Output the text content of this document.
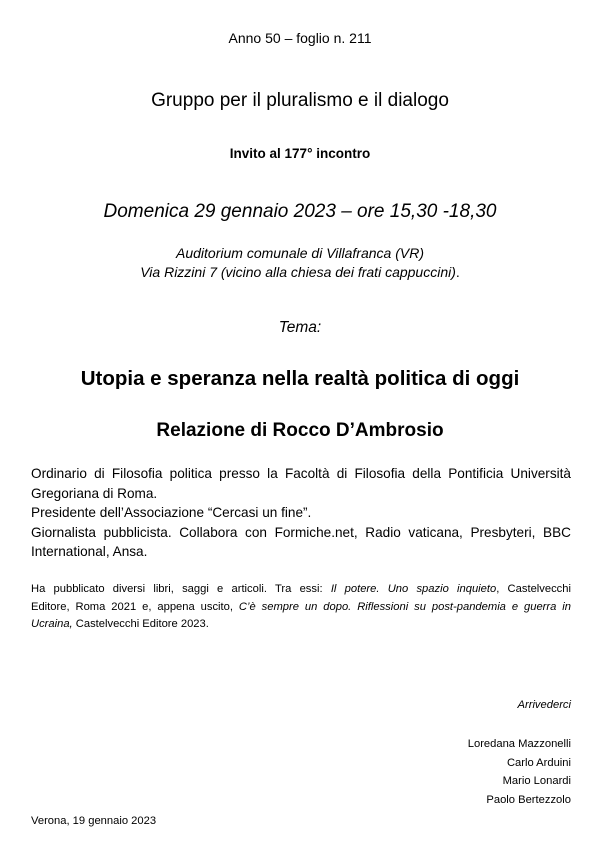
Anno 50 – foglio n. 211
Gruppo per il pluralismo e il dialogo
Invito al 177° incontro
Domenica 29 gennaio 2023 – ore 15,30 -18,30
Auditorium comunale di Villafranca (VR)
Via Rizzini 7 (vicino alla chiesa dei frati cappuccini).
Tema:
Utopia e speranza nella realtà politica di oggi
Relazione di Rocco D’Ambrosio
Ordinario di Filosofia politica presso la Facoltà di Filosofia della Pontificia Università
Gregoriana di Roma.
Presidente dell’Associazione “Cercasi un fine”.
Giornalista pubblicista. Collabora con Formiche.net, Radio vaticana, Presbyteri, BBC
International, Ansa.
Ha pubblicato diversi libri, saggi e articoli. Tra essi: Il potere. Uno spazio inquieto, Castelvecchi
Editore, Roma 2021 e, appena uscito, C’è sempre un dopo. Riflessioni su post-pandemia e guerra in
Ucraina, Castelvecchi Editore 2023.
Arrivederci
Loredana Mazzonelli
Carlo Arduini
Mario Lonardi
Paolo Bertezzolo
Verona, 19 gennaio 2023
